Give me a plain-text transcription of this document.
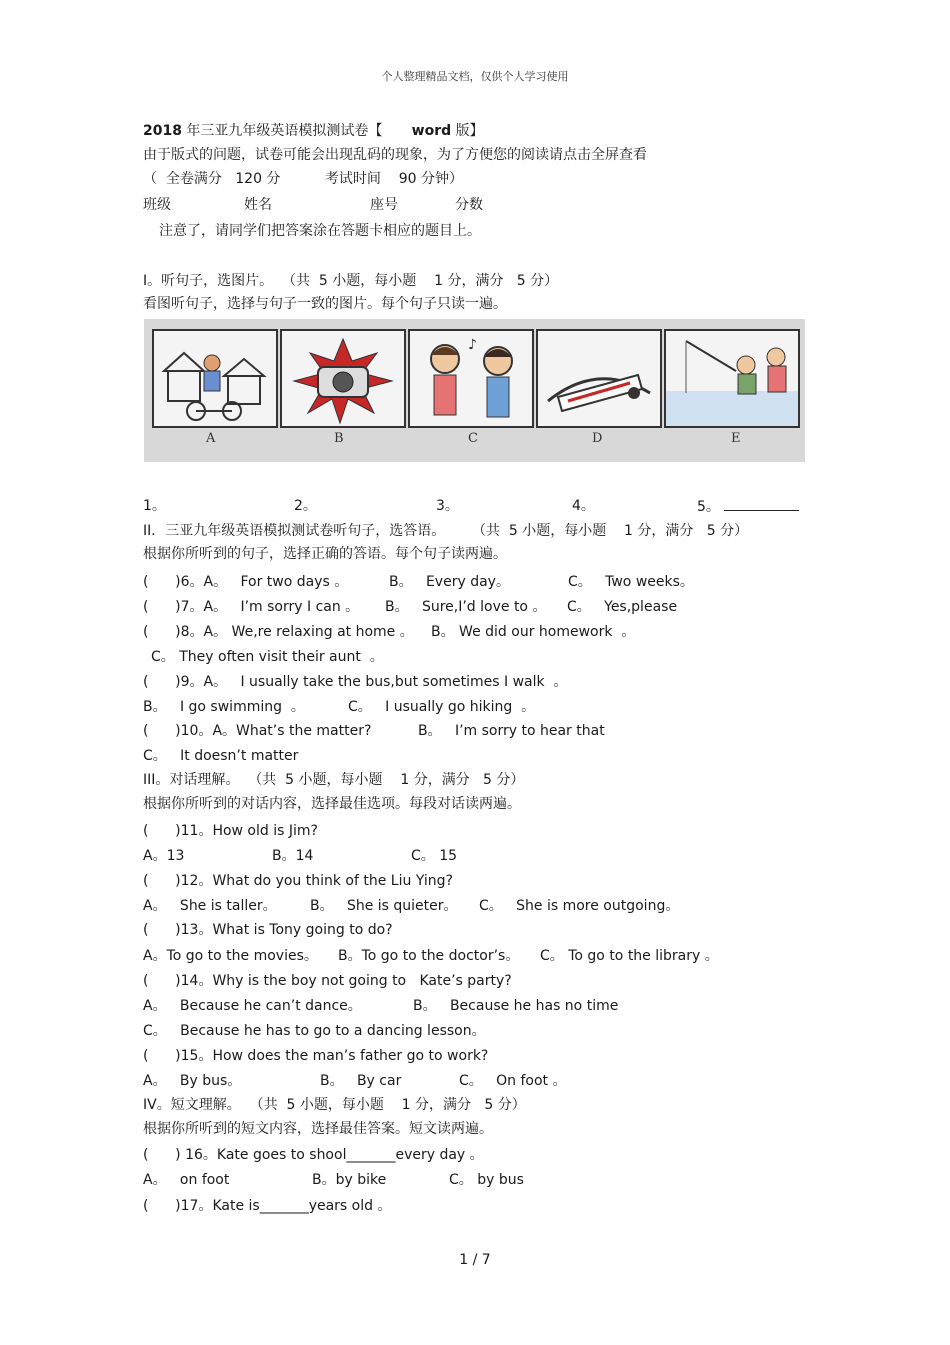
个人整理精品文档，仅供个人学习使用
2018 年三亚九年级英语模拟测试卷【 word 版】
由于版式的问题，试卷可能会出现乱码的现象，为了方便您的阅读请点击全屏查看
（  全卷满分   120 分          考试时间    90 分钟）
班级	姓名	座号	分数
注意了，请同学们把答案涂在答题卡相应的题目上。
I。听句子，选图片。  （共  5 小题，每小题    1 分，满分   5 分）
看图听句子，选择与句子一致的图片。每个句子只读一遍。
♪
A	B	C	D	E
1。	2。	3。	4。	5。
II．三亚九年级英语模拟测试卷听句子，选答语。      （共  5 小题，每小题    1 分，满分   5 分）
根据你所听到的句子，选择正确的答语。每个句子读两遍。
(      )6。A。   For two days 。	B。   Every day。	C。   Two weeks。
(      )7。A。   I’m sorry I can 。 B。   Sure,I’d love to 。 C。   Yes,please
(      )8。A。 We,re relaxing at home 。 B。 We did our homework  。
C。 They often visit their aunt  。
(      )9。A。   I usually take the bus,but sometimes I walk  。
B。   I go swimming  。	C。   I usually go hiking  。
(      )10。A。What’s the matter?	B。   I’m sorry to hear that
C。   It doesn’t matter
III。对话理解。  （共  5 小题，每小题    1 分，满分   5 分）
根据你所听到的对话内容，选择最佳选项。每段对话读两遍。
(      )11。How old is Jim?
A。13	B。14	C。 15
(      )12。What do you think of the Liu Ying?
A。   She is taller。 B。   She is quieter。 C。   She is more outgoing。
(      )13。What is Tony going to do?
A。To go to the movies。 B。To go to the doctor’s。 C。 To go to the library 。
(      )14。Why is the boy not going to   Kate’s party?
A。   Because he can’t dance。	B。   Because he has no time
C。   Because he has to go to a dancing lesson。
(      )15。How does the man’s father go to work?
A。   By bus。	B。   By car	C。   On foot 。
IV。短文理解。  （共  5 小题，每小题    1 分，满分   5 分）
根据你所听到的短文内容，选择最佳答案。短文读两遍。
(      ) 16。Kate goes to shool_______every day 。
A。   on foot	B。by bike	C。 by bus
(      )17。Kate is_______years old 。
1 / 7
